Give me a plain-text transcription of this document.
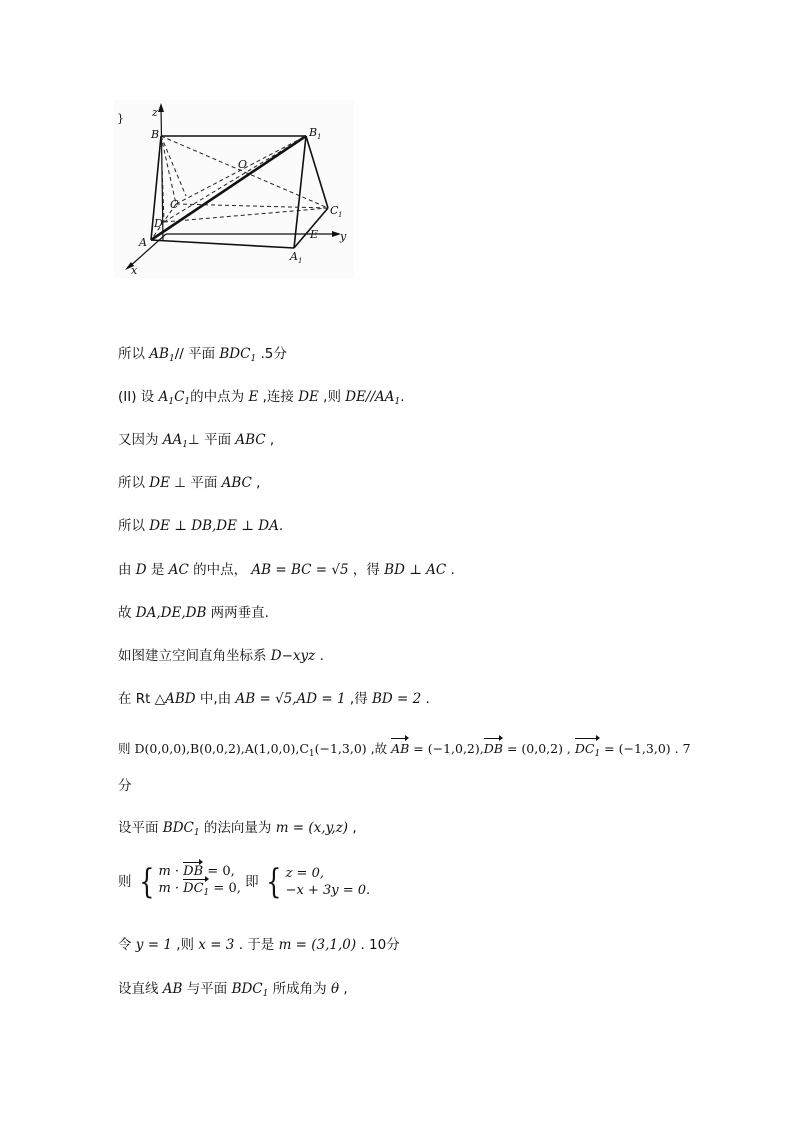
z
y
x
B	B 1
O
C	C 1
D
A
A 1
E
}
所以 $AB_1//$ 平面 $BDC_1$ .5分
(II) 设 $A_1C_1$的中点为 E ,连接 DE ,则 $DE//AA_1$.
又因为 $AA_1\perp$ 平面 ABC ,
所以 DE ⊥ 平面 ABC ,
所以 DE ⊥ DB,DE ⊥ DA.
由 D 是 AC 的中点， AB = BC = √5 ，得 BD ⊥ AC .
故 DA,DE,DB 两两垂直.
如图建立空间直角坐标系 D−xyz .
在 Rt △ABD 中,由 AB = √5,AD = 1 ,得 BD = 2 .
则 $D(0,0,0),B(0,0,2),A(1,0,0),C_1(-1,3,0)$ ,故 AB = (−1,0,2),DB = (0,0,2) , $DC_1 = (-1,3,0)$ . 7
分
设平面 $BDC_1$ 的法向量为 m = (x,y,z) ,
则 { m · DB = 0,
$m \cdot DC_1 = 0$, 即 { z = 0,
−x + 3y = 0.
令 y = 1 ,则 x = 3 . 于是 m = (3,1,0) . 10分
设直线 AB 与平面 $BDC_1$ 所成角为 θ ,
